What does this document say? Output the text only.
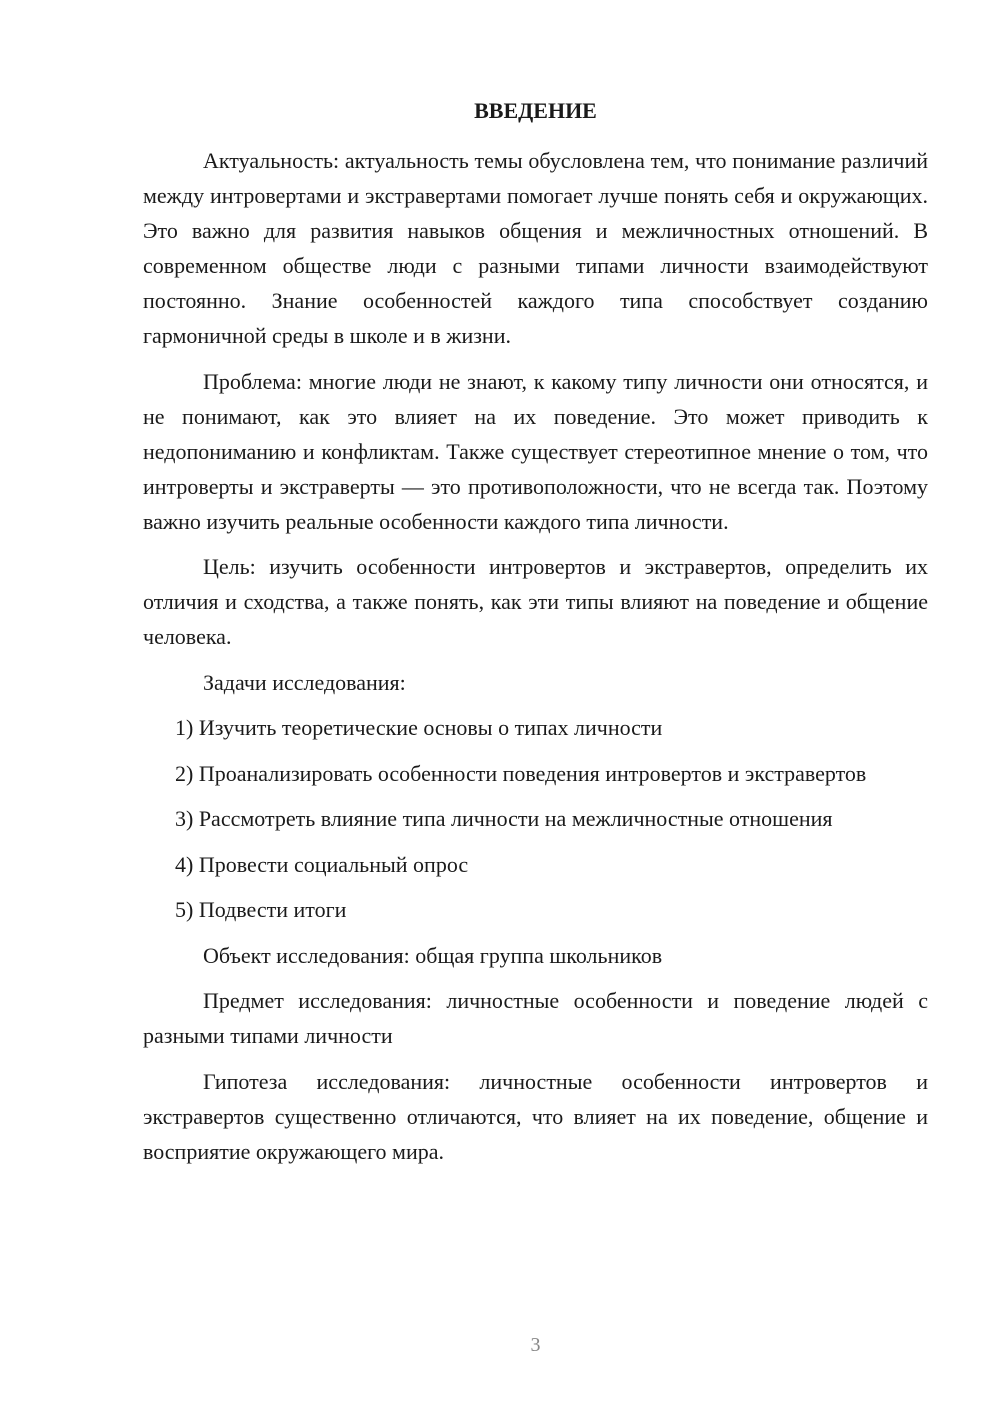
ВВЕДЕНИЕ

Актуальность: актуальность темы обусловлена тем, что понимание различий между интровертами и экстравертами помогает лучше понять себя и окружающих. Это важно для развития навыков общения и межличностных отношений. В современном обществе люди с разными типами личности взаимодействуют постоянно. Знание особенностей каждого типа способствует созданию гармоничной среды в школе и в жизни.

Проблема: многие люди не знают, к какому типу личности они относятся, и не понимают, как это влияет на их поведение. Это может приводить к недопониманию и конфликтам. Также существует стереотипное мнение о том, что интроверты и экстраверты — это противоположности, что не всегда так. Поэтому важно изучить реальные особенности каждого типа личности.

Цель: изучить особенности интровертов и экстравертов, определить их отличия и сходства, а также понять, как эти типы влияют на поведение и общение человека.

Задачи исследования:

1) Изучить теоретические основы о типах личности

2) Проанализировать особенности поведения интровертов и экстравертов

3) Рассмотреть влияние типа личности на межличностные отношения

4) Провести социальный опрос

5) Подвести итоги

Объект исследования: общая группа школьников

Предмет исследования: личностные особенности и поведение людей с разными типами личности

Гипотеза исследования: личностные особенности интровертов и экстравертов существенно отличаются, что влияет на их поведение, общение и восприятие окружающего мира.

3
